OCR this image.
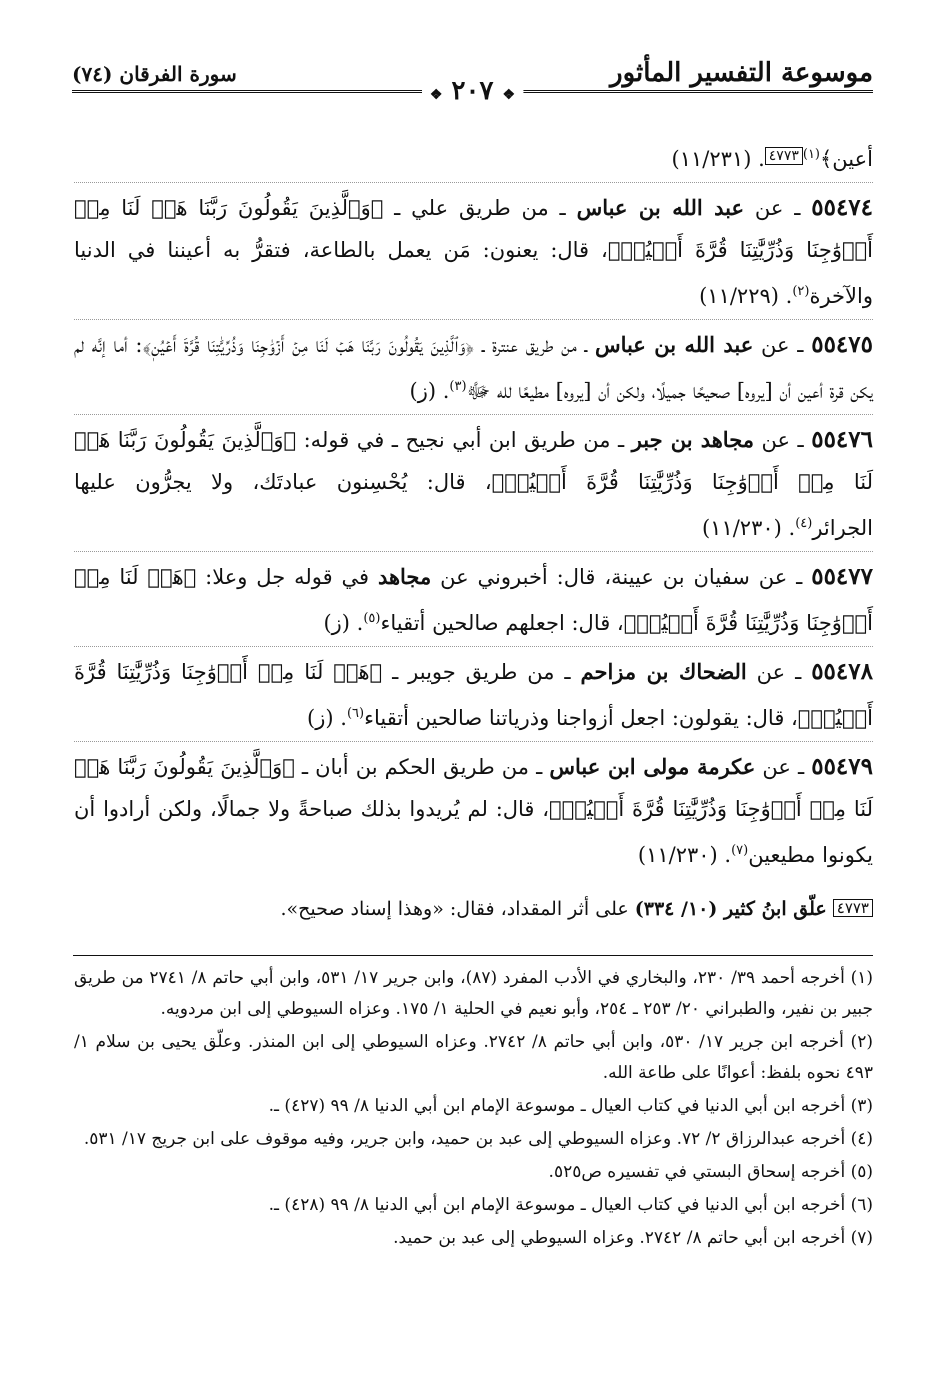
موسوعة التفسير المأثور
❖ ٢٠٧ ❖
سورة الفرقان (٧٤)

أعين﴾$^{(١)}$٤٧٧٣. (١١/٢٣١)

٥٥٤٧٤ ـ عن عبد الله بن عباس ـ من طريق علي ـ ﴿وَٱلَّذِينَ يَقُولُونَ رَبَّنَا هَبۡ لَنَا مِنۡ أَزۡوَٰجِنَا وَذُرِّيَّٰتِنَا قُرَّةَ أَعۡيُنٖ﴾، قال: يعنون: مَن يعمل بالطاعة، فتقرُّ به أعيننا في الدنيا والآخرة$^{(٢)}$. (١١/٢٢٩)

٥٥٤٧٥ ـ عن عبد الله بن عباس ـ من طريق عنترة ـ ﴿وَٱلَّذِينَ يَقُولُونَ رَبَّنَا هَبۡ لَنَا مِنۡ أَزۡوَٰجِنَا وَذُرِّيَّٰتِنَا قُرَّةَ أَعۡيُنٖ﴾: أما إنَّه لم يكن قرة أعين أن [يروه] صحيحًا جميلًا، ولكن أن [يروه] مطيعًا لله ﷻ$^{(٣)}$. (ز)

٥٥٤٧٦ ـ عن مجاهد بن جبر ـ من طريق ابن أبي نجيح ـ في قوله: ﴿وَٱلَّذِينَ يَقُولُونَ رَبَّنَا هَبۡ لَنَا مِنۡ أَزۡوَٰجِنَا وَذُرِّيَّٰتِنَا قُرَّةَ أَعۡيُنٖ﴾، قال: يُحْسِنون عبادتَك، ولا يجرُّون عليها الجرائر$^{(٤)}$. (١١/٢٣٠)

٥٥٤٧٧ ـ عن سفيان بن عيينة، قال: أخبروني عن مجاهد في قوله جل وعلا: ﴿هَبۡ لَنَا مِنۡ أَزۡوَٰجِنَا وَذُرِّيَّٰتِنَا قُرَّةَ أَعۡيُنٖ﴾، قال: اجعلهم صالحين أتقياء$^{(٥)}$. (ز)

٥٥٤٧٨ ـ عن الضحاك بن مزاحم ـ من طريق جويبر ـ ﴿هَبۡ لَنَا مِنۡ أَزۡوَٰجِنَا وَذُرِّيَّٰتِنَا قُرَّةَ أَعۡيُنٖ﴾، قال: يقولون: اجعل أزواجنا وذرياتنا صالحين أتقياء$^{(٦)}$. (ز)

٥٥٤٧٩ ـ عن عكرمة مولى ابن عباس ـ من طريق الحكم بن أبان ـ ﴿وَٱلَّذِينَ يَقُولُونَ رَبَّنَا هَبۡ لَنَا مِنۡ أَزۡوَٰجِنَا وَذُرِّيَّٰتِنَا قُرَّةَ أَعۡيُنٖ﴾، قال: لم يُريدوا بذلك صباحةً ولا جمالًا، ولكن أرادوا أن يكونوا مطيعين$^{(٧)}$. (١١/٢٣٠)

٤٧٧٣ علّق ابنُ كثير (١٠/ ٣٣٤) على أثر المقداد، فقال: «وهذا إسناد صحيح».

(١) أخرجه أحمد ٣٩/ ٢٣٠، والبخاري في الأدب المفرد (٨٧)، وابن جرير ١٧/ ٥٣١، وابن أبي حاتم ٨/ ٢٧٤١ من طريق جبير بن نفير، والطبراني ٢٠/ ٢٥٣ ـ ٢٥٤، وأبو نعيم في الحلية ١/ ١٧٥. وعزاه السيوطي إلى ابن مردويه.

(٢) أخرجه ابن جرير ١٧/ ٥٣٠، وابن أبي حاتم ٨/ ٢٧٤٢. وعزاه السيوطي إلى ابن المنذر. وعلّق يحيى بن سلام ١/ ٤٩٣ نحوه بلفظ: أعوانًا على طاعة الله.

(٣) أخرجه ابن أبي الدنيا في كتاب العيال ـ موسوعة الإمام ابن أبي الدنيا ٨/ ٩٩ (٤٢٧) ـ.

(٤) أخرجه عبدالرزاق ٢/ ٧٢. وعزاه السيوطي إلى عبد بن حميد، وابن جرير، وفيه موقوف على ابن جريج ١٧/ ٥٣١.

(٥) أخرجه إسحاق البستي في تفسيره ص٥٢٥.

(٦) أخرجه ابن أبي الدنيا في كتاب العيال ـ موسوعة الإمام ابن أبي الدنيا ٨/ ٩٩ (٤٢٨) ـ.

(٧) أخرجه ابن أبي حاتم ٨/ ٢٧٤٢. وعزاه السيوطي إلى عبد بن حميد.
